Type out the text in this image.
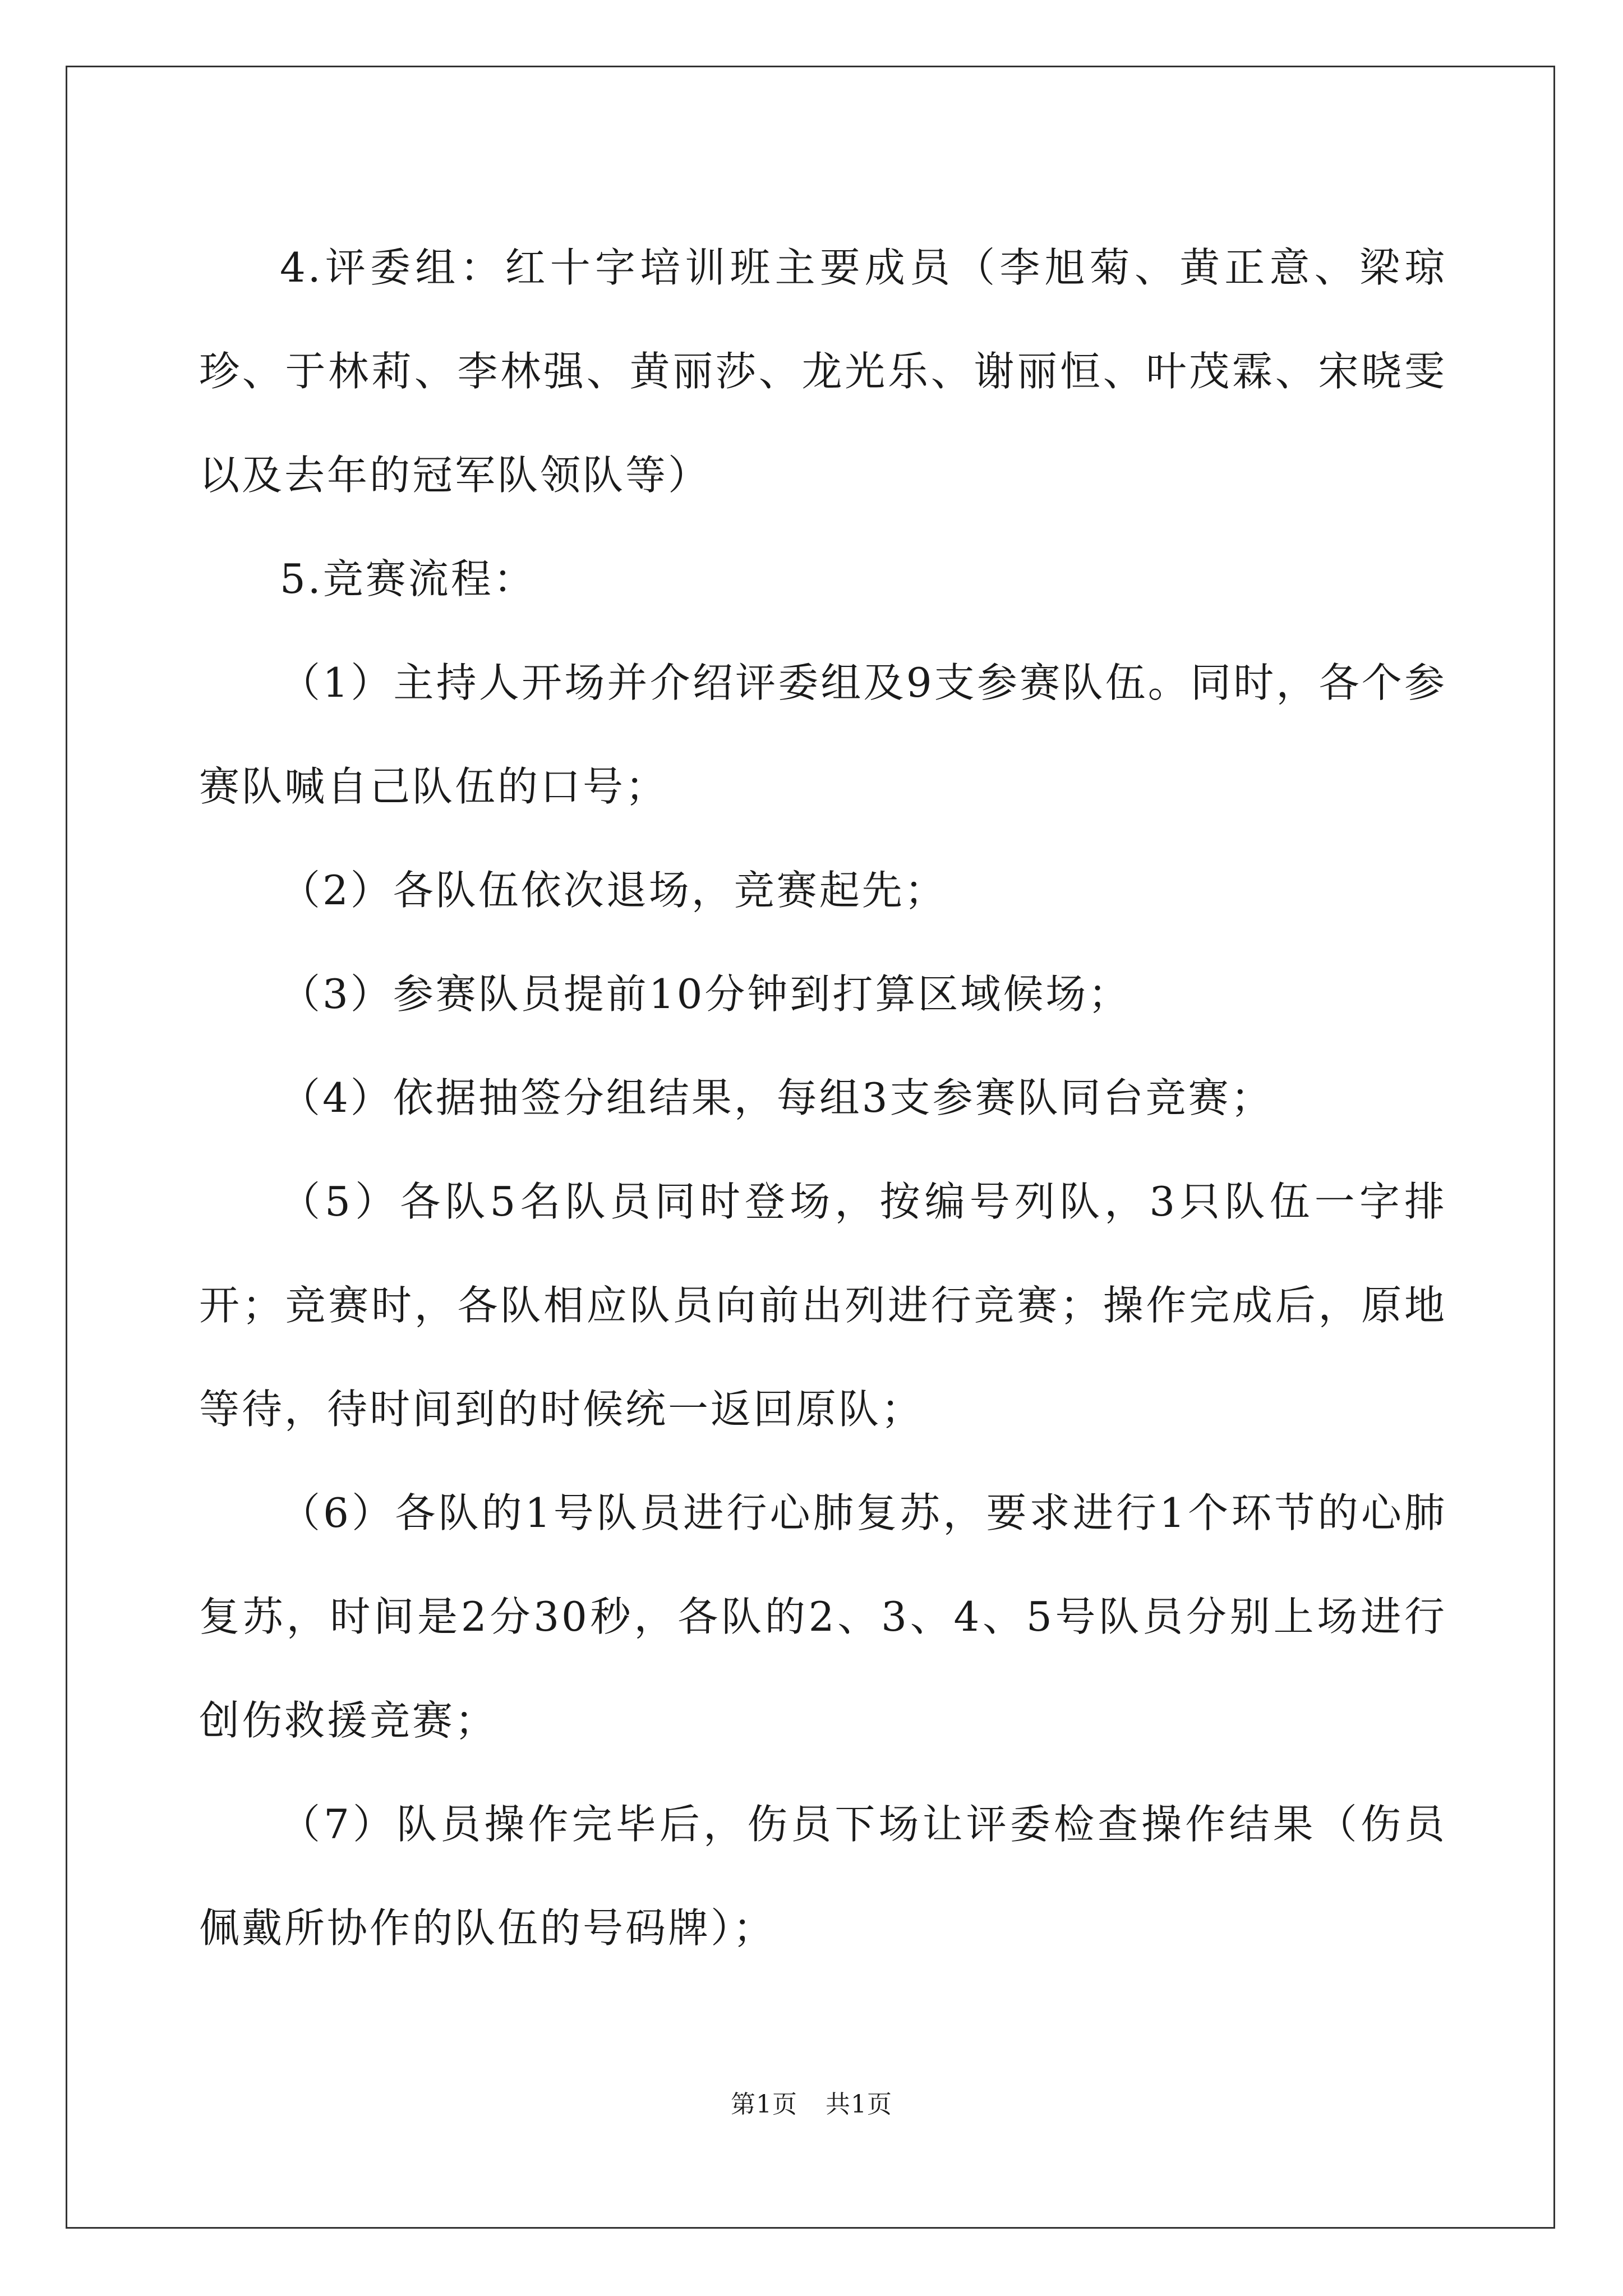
4.评委组：红十字培训班主要成员（李旭菊、黄正意、梁琼珍、于林莉、李林强、黄丽莎、龙光乐、谢丽恒、叶茂霖、宋晓雯以及去年的冠军队领队等）

5.竞赛流程：

（1）主持人开场并介绍评委组及9支参赛队伍。同时，各个参赛队喊自己队伍的口号；

（2）各队伍依次退场，竞赛起先；

（3）参赛队员提前10分钟到打算区域候场；

（4）依据抽签分组结果，每组3支参赛队同台竞赛；

（5）各队5名队员同时登场，按编号列队，3只队伍一字排开；竞赛时，各队相应队员向前出列进行竞赛；操作完成后，原地等待，待时间到的时候统一返回原队；

（6）各队的1号队员进行心肺复苏，要求进行1个环节的心肺复苏，时间是2分30秒，各队的2、3、4、5号队员分别上场进行创伤救援竞赛；

（7）队员操作完毕后，伤员下场让评委检查操作结果（伤员佩戴所协作的队伍的号码牌）；

第1页 共1页
